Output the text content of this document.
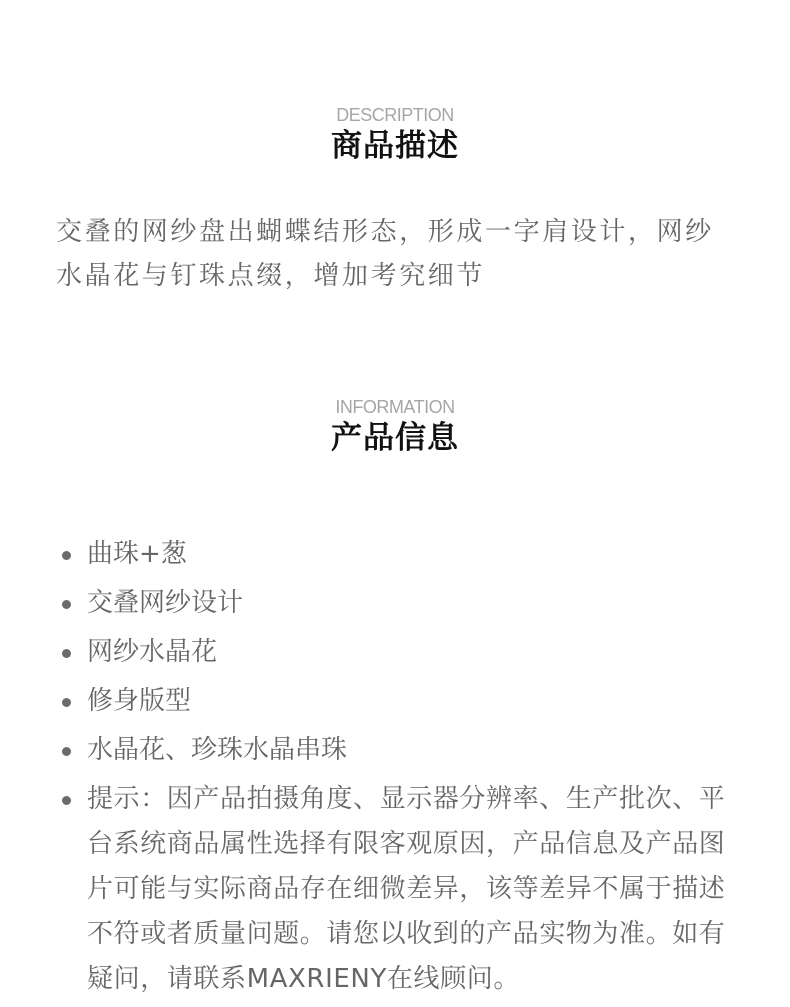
DESCRIPTION
商品描述

交叠的网纱盘出蝴蝶结形态，形成一字肩设计，网纱水晶花与钉珠点缀，增加考究细节

INFORMATION
产品信息
曲珠+葱
交叠网纱设计
网纱水晶花
修身版型
水晶花、珍珠水晶串珠
提示：因产品拍摄角度、显示器分辨率、生产批次、平台系统商品属性选择有限客观原因，产品信息及产品图片可能与实际商品存在细微差异，该等差异不属于描述不符或者质量问题。请您以收到的产品实物为准。如有疑问，请联系MAXRIENY在线顾问。
